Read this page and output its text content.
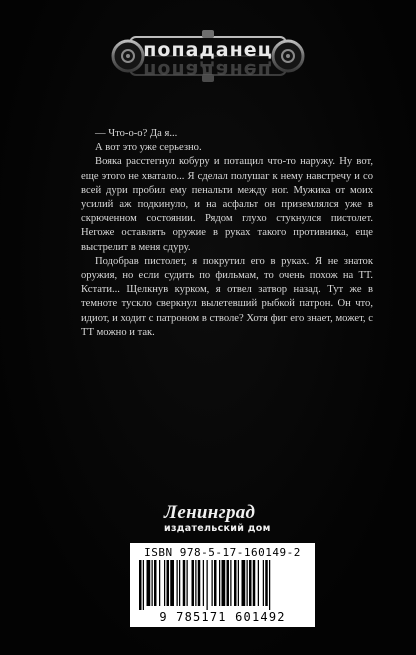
попаданец
попаданец

— Что-о-о? Да я...

А вот это уже серьезно.

Вояка расстегнул кобуру и потащил что-то наружу. Ну вот, еще этого не хватало... Я сделал полушаг к нему навстречу и со всей дури пробил ему пенальти между ног. Мужика от моих усилий аж подкинуло, и на асфальт он приземлялся уже в скрюченном состоянии. Рядом глухо стукнулся пистолет. Негоже оставлять оружие в руках такого противника, еще выстрелит в меня сдуру.

Подобрав пистолет, я покрутил его в руках. Я не знаток оружия, но если судить по фильмам, то очень похож на ТТ. Кстати... Щелкнув курком, я отвел затвор назад. Тут же в темноте тускло сверкнул вылетевший рыбкой патрон. Он что, идиот, и ходит с патроном в стволе? Хотя фиг его знает, может, с ТТ можно и так.

Ленинград
издательский дом
ISBN 978-5-17-160149-2
9 785171 601492
